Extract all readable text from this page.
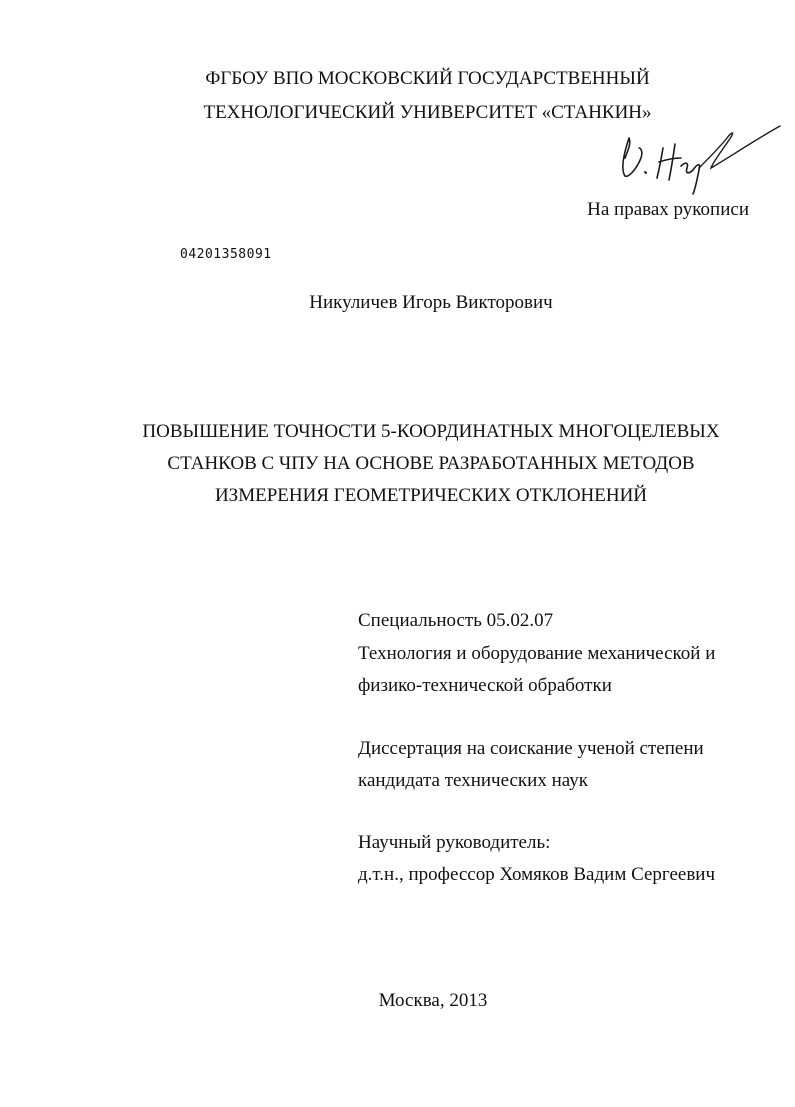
ФГБОУ ВПО МОСКОВСКИЙ ГОСУДАРСТВЕННЫЙ
ТЕХНОЛОГИЧЕСКИЙ УНИВЕРСИТЕТ «СТАНКИН»
На правах рукописи
04201358091
Никуличев Игорь Викторович
ПОВЫШЕНИЕ ТОЧНОСТИ 5-КООРДИНАТНЫХ МНОГОЦЕЛЕВЫХ
СТАНКОВ С ЧПУ НА ОСНОВЕ РАЗРАБОТАННЫХ МЕТОДОВ
ИЗМЕРЕНИЯ ГЕОМЕТРИЧЕСКИХ ОТКЛОНЕНИЙ
Специальность 05.02.07
Технология и оборудование механической и
физико-технической обработки
Диссертация на соискание ученой степени
кандидата технических наук
Научный руководитель:
д.т.н., профессор Хомяков Вадим Сергеевич
Москва, 2013
